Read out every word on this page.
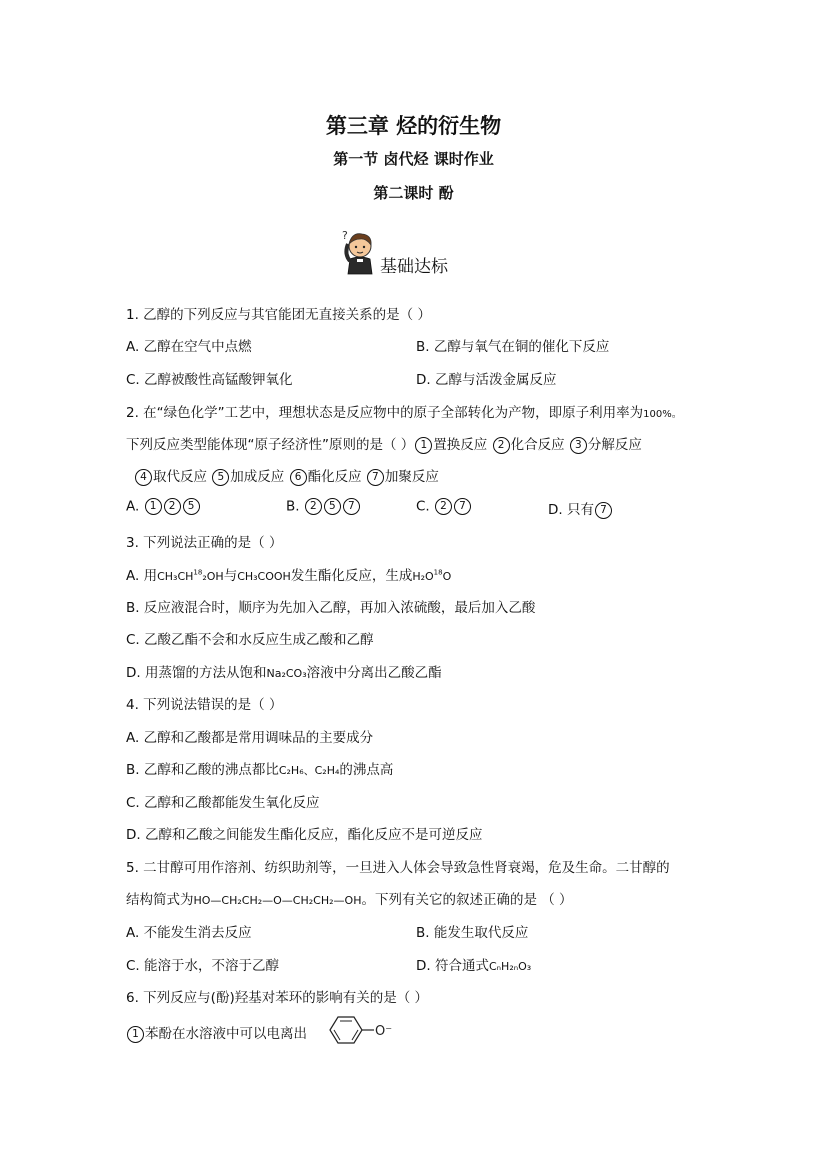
第三章 烃的衍生物
第一节 卤代烃 课时作业
第二课时 酚
?
基础达标
1. 乙醇的下列反应与其官能团无直接关系的是（ ）
A. 乙醇在空气中点燃	B. 乙醇与氧气在铜的催化下反应
C. 乙醇被酸性高锰酸钾氧化	D. 乙醇与活泼金属反应
2. 在“绿色化学”工艺中，理想状态是反应物中的原子全部转化为产物，即原子利用率为100%。
下列反应类型能体现“原子经济性”原则的是（ ） 1 置换反应 2 化合反应 3 分解反应
4 取代反应 5 加成反应 6 酯化反应 7 加聚反应
A. 1 2 5	B. 2 5 7	C. 2 7	D. 只有 7
3. 下列说法正确的是（ ）
A. 用CH₃CH$^{18}$₂OH与CH₃COOH发生酯化反应，生成$H_2O^{18}O$
B. 反应液混合时，顺序为先加入乙醇，再加入浓硫酸，最后加入乙酸
C. 乙酸乙酯不会和水反应生成乙酸和乙醇
D. 用蒸馏的方法从饱和Na₂CO₃溶液中分离出乙酸乙酯
4. 下列说法错误的是（ ）
A. 乙醇和乙酸都是常用调味品的主要成分
B. 乙醇和乙酸的沸点都比C₂H₆、C₂H₄的沸点高
C. 乙醇和乙酸都能发生氧化反应
D. 乙醇和乙酸之间能发生酯化反应，酯化反应不是可逆反应
5. 二甘醇可用作溶剂、纺织助剂等，一旦进入人体会导致急性肾衰竭，危及生命。二甘醇的
结构简式为HO—CH₂CH₂—O—CH₂CH₂—OH。下列有关它的叙述正确的是 （ ）
A. 不能发生消去反应	B. 能发生取代反应
C. 能溶于水，不溶于乙醇	D. 符合通式CₙH₂ₙO₃
6. 下列反应与(酚)羟基对苯环的影响有关的是（ ）
1 苯酚在水溶液中可以电离出	O⁻
